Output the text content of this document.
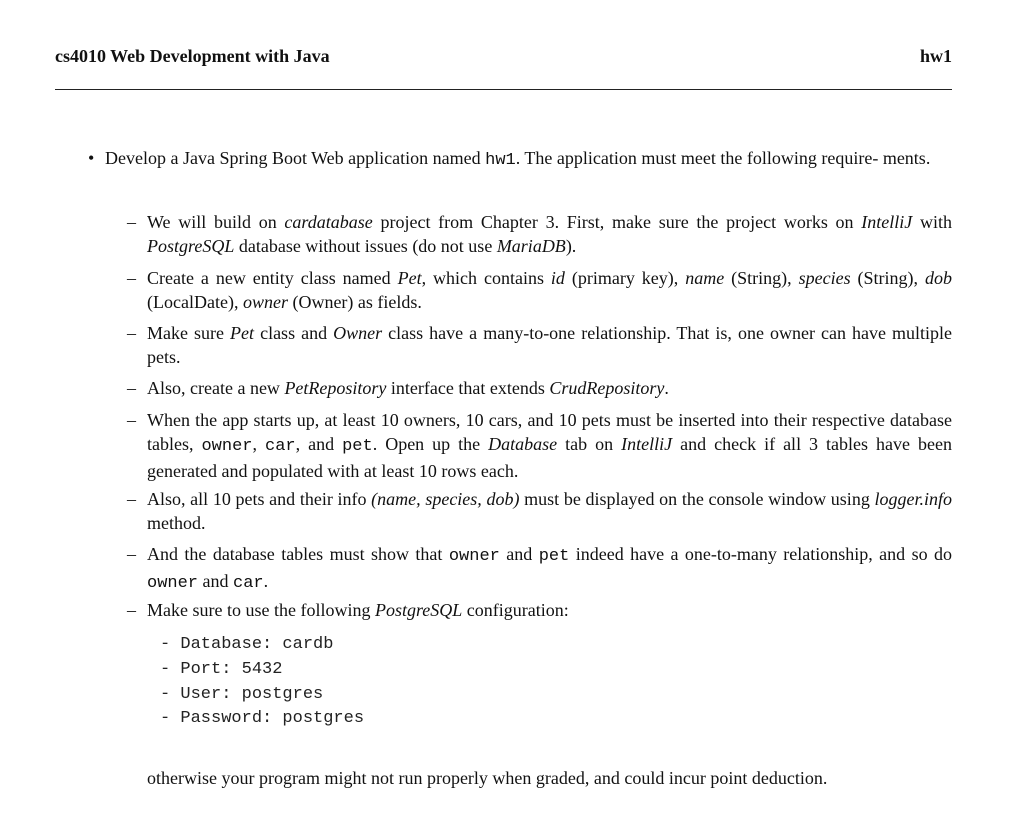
cs4010 Web Development with Java	hw1
• Develop a Java Spring Boot Web application named hw1. The application must meet the following require- ments.
– We will build on cardatabase project from Chapter 3. First, make sure the project works on IntelliJ with PostgreSQL database without issues (do not use MariaDB).
– Create a new entity class named Pet, which contains id (primary key), name (String), species (String), dob (LocalDate), owner (Owner) as fields.
– Make sure Pet class and Owner class have a many-to-one relationship. That is, one owner can have multiple pets.
– Also, create a new PetRepository interface that extends CrudRepository.
– When the app starts up, at least 10 owners, 10 cars, and 10 pets must be inserted into their respective database tables, owner, car, and pet. Open up the Database tab on IntelliJ and check if all 3 tables have been generated and populated with at least 10 rows each.
– Also, all 10 pets and their info (name, species, dob) must be displayed on the console window using logger.info method.
– And the database tables must show that owner and pet indeed have a one-to-many relationship, and so do owner and car.
– Make sure to use the following PostgreSQL configuration:
- Database: cardb
- Port: 5432
- User: postgres
- Password: postgres
otherwise your program might not run properly when graded, and could incur point deduction.
